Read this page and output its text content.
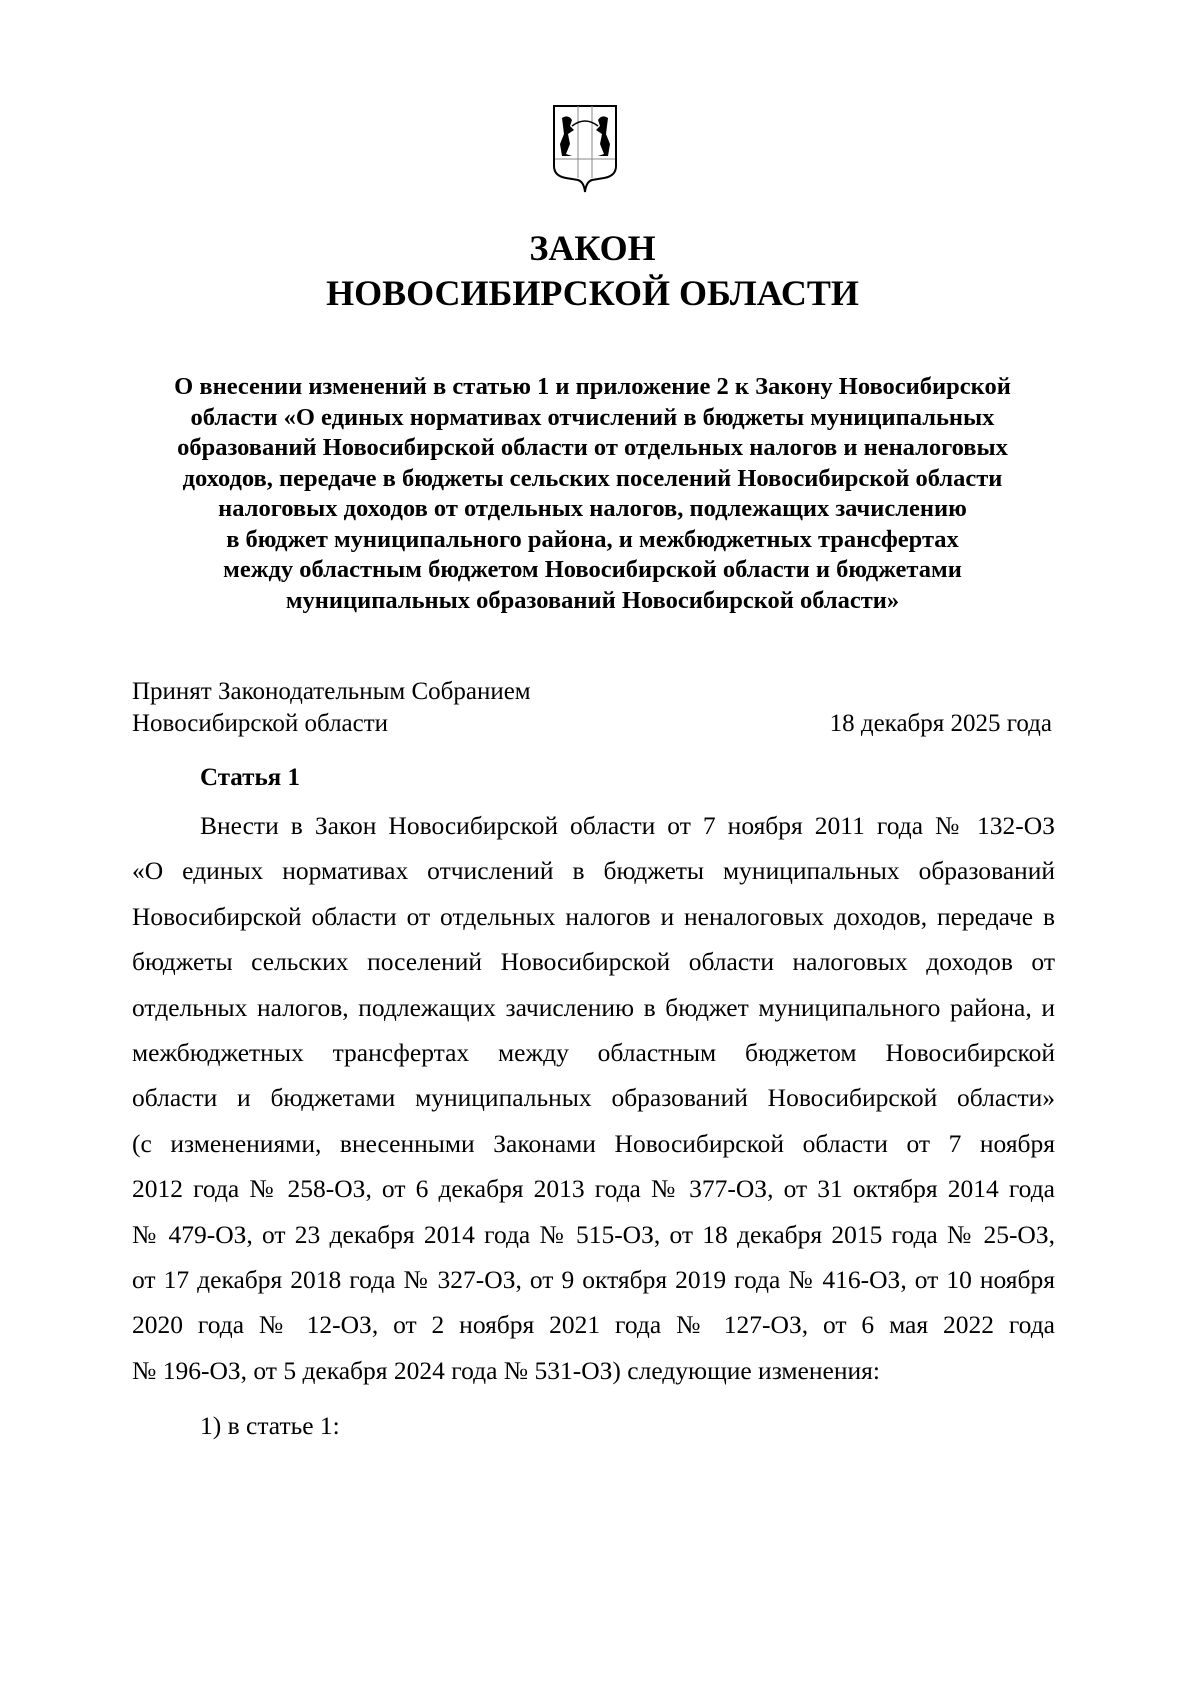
ЗАКОН
НОВОСИБИРСКОЙ ОБЛАСТИ
О внесении изменений в статью 1 и приложение 2 к Закону Новосибирской
области «О единых нормативах отчислений в бюджеты муниципальных
образований Новосибирской области от отдельных налогов и неналоговых
доходов, передаче в бюджеты сельских поселений Новосибирской области
налоговых доходов от отдельных налогов, подлежащих зачислению
в бюджет муниципального района, и межбюджетных трансфертах
между областным бюджетом Новосибирской области и бюджетами
муниципальных образований Новосибирской области»
Принят Законодательным Собранием
Новосибирской области	18 декабря 2025 года
Статья 1
Внести в Закон Новосибирской области от 7 ноября 2011 года № 132-ОЗ
«О единых нормативах отчислений в бюджеты муниципальных образований
Новосибирской области от отдельных налогов и неналоговых доходов, передаче в
бюджеты сельских поселений Новосибирской области налоговых доходов от
отдельных налогов, подлежащих зачислению в бюджет муниципального района, и
межбюджетных трансфертах между областным бюджетом Новосибирской
области и бюджетами муниципальных образований Новосибирской области»
(с изменениями, внесенными Законами Новосибирской области от 7 ноября
2012 года № 258-ОЗ, от 6 декабря 2013 года № 377-ОЗ, от 31 октября 2014 года
№ 479-ОЗ, от 23 декабря 2014 года № 515-ОЗ, от 18 декабря 2015 года № 25-ОЗ,
от 17 декабря 2018 года № 327-ОЗ, от 9 октября 2019 года № 416-ОЗ, от 10 ноября
2020 года № 12-ОЗ, от 2 ноября 2021 года № 127-ОЗ, от 6 мая 2022 года
№ 196-ОЗ, от 5 декабря 2024 года № 531-ОЗ) следующие изменения:
1) в статье 1:
